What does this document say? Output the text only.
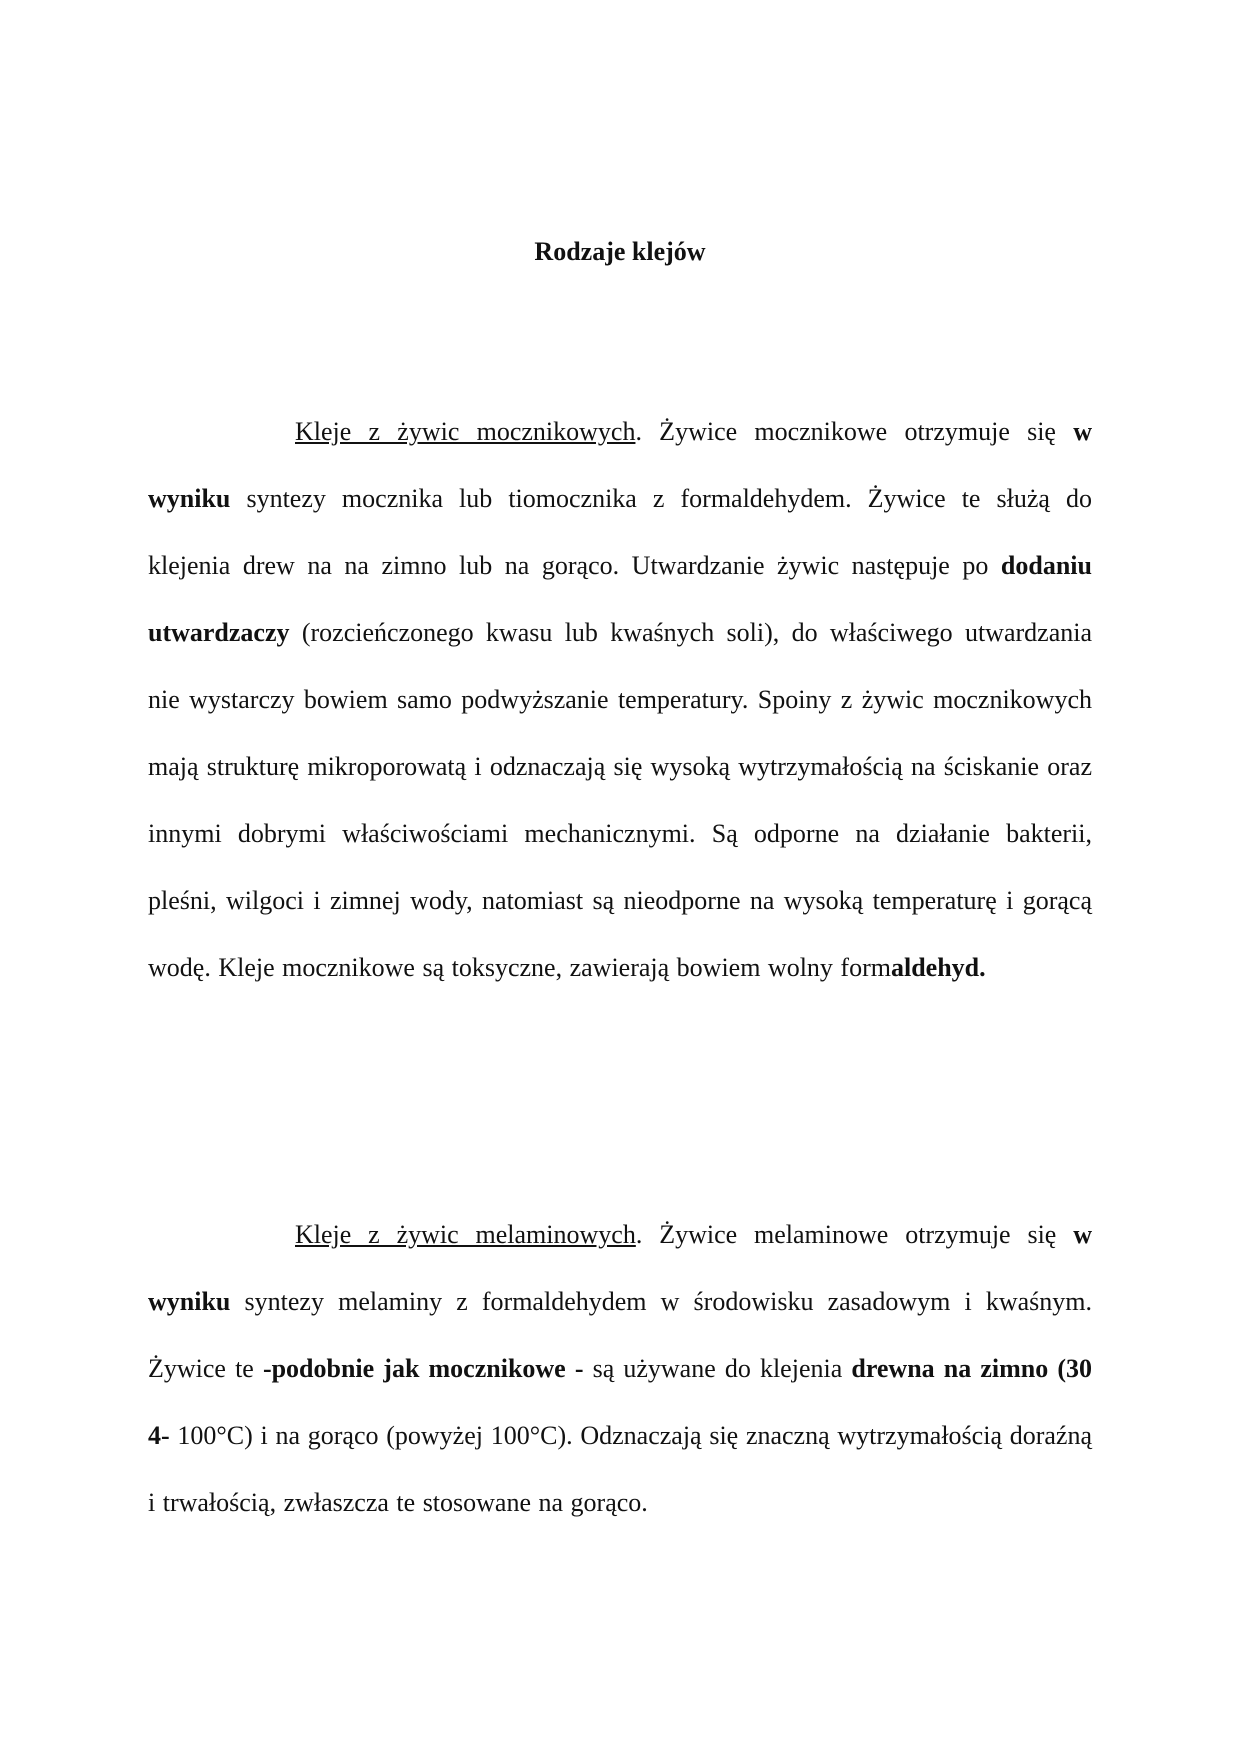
Rodzaje klejów

Kleje z żywic mocznikowych. Żywice mocznikowe otrzymuje się w wyniku syntezy mocznika lub tiomocznika z formaldehydem. Żywice te służą do klejenia drew na na zimno lub na gorąco. Utwardzanie żywic następuje po dodaniu utwardzaczy (rozcieńczonego kwasu lub kwaśnych soli), do właściwego utwardzania nie wystarczy bowiem samo podwyższanie temperatury. Spoiny z żywic mocznikowych mają strukturę mikroporowatą i odznaczają się wysoką wytrzymałością na ściskanie oraz innymi dobrymi właściwościami mechanicznymi. Są odporne na działanie bakterii, pleśni, wilgoci i zimnej wody, natomiast są nieodporne na wysoką temperaturę i gorącą wodę. Kleje mocznikowe są toksyczne, zawierają bowiem wolny formaldehyd.

Kleje z żywic melaminowych. Żywice melaminowe otrzymuje się w wyniku syntezy melaminy z formaldehydem w środowisku zasadowym i kwaśnym. Żywice te -podobnie jak mocznikowe - są używane do klejenia drewna na zimno (30 4- 100°C) i na gorąco (powyżej 100°C). Odznaczają się znaczną wytrzymałością doraźną i trwałością, zwłaszcza te stosowane na gorąco.
